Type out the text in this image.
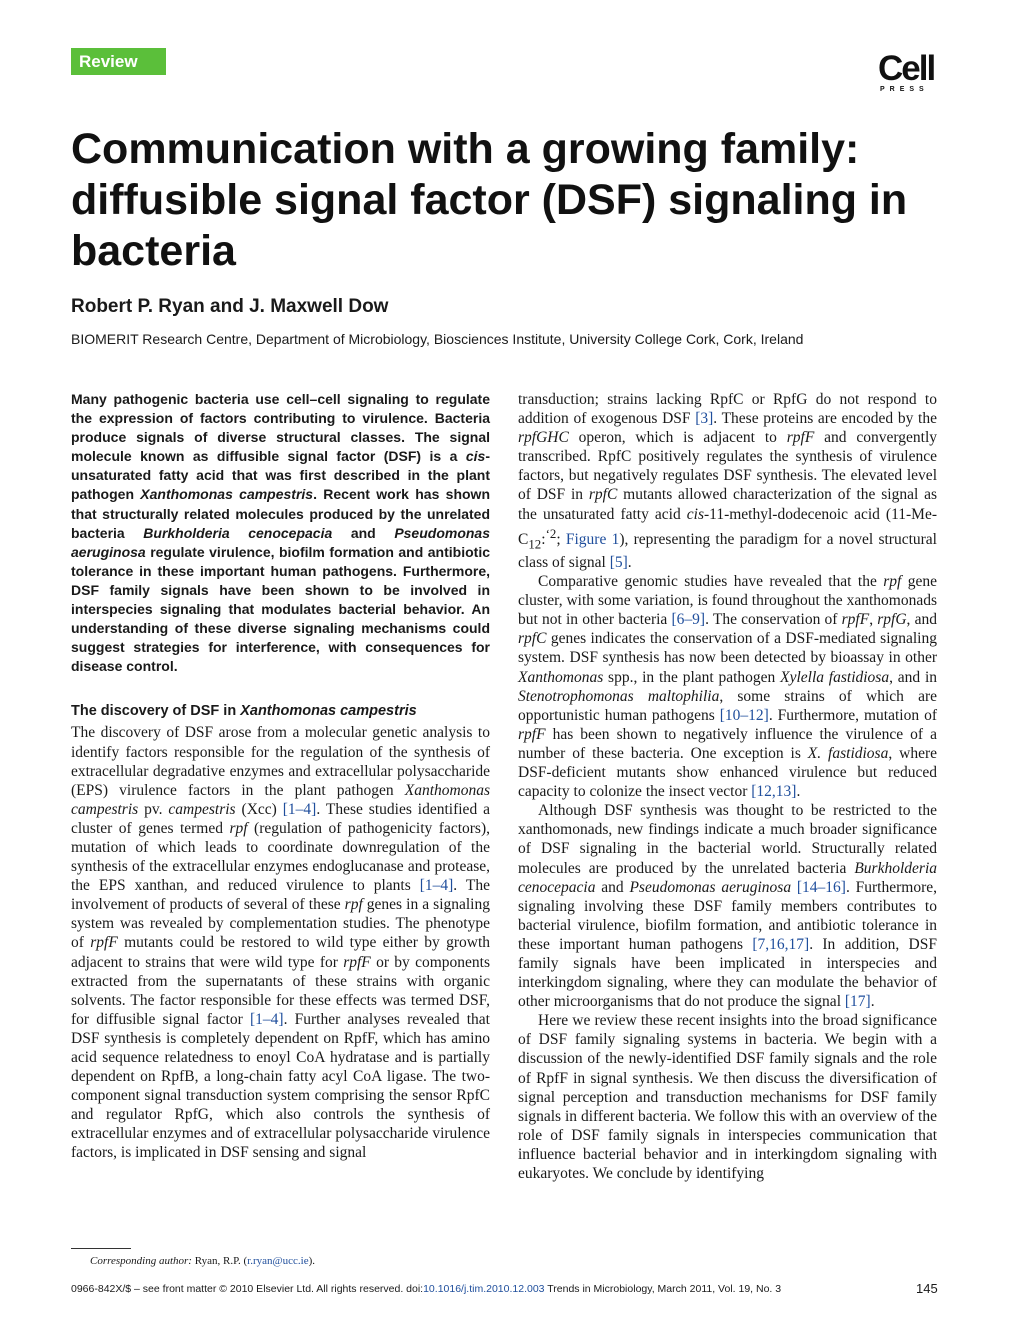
Review	Cell
PRESS
Communication with a growing family: diffusible signal factor (DSF) signaling in bacteria

Robert P. Ryan and J. Maxwell Dow

BIOMERIT Research Centre, Department of Microbiology, Biosciences Institute, University College Cork, Cork, Ireland

Many pathogenic bacteria use cell–cell signaling to regulate the expression of factors contributing to virulence. Bacteria produce signals of diverse structural classes. The signal molecule known as diffusible signal factor (DSF) is a cis-unsaturated fatty acid that was first described in the plant pathogen Xanthomonas campestris. Recent work has shown that structurally related molecules produced by the unrelated bacteria Burkholderia cenocepacia and Pseudomonas aeruginosa regulate virulence, biofilm formation and antibiotic tolerance in these important human pathogens. Furthermore, DSF family signals have been shown to be involved in interspecies signaling that modulates bacterial behavior. An understanding of these diverse signaling mechanisms could suggest strategies for interference, with consequences for disease control.

The discovery of DSF in Xanthomonas campestris

The discovery of DSF arose from a molecular genetic analysis to identify factors responsible for the regulation of the synthesis of extracellular degradative enzymes and extracellular polysaccharide (EPS) virulence factors in the plant pathogen Xanthomonas campestris pv. campestris (Xcc) [1–4]. These studies identified a cluster of genes termed rpf (regulation of pathogenicity factors), mutation of which leads to coordinate downregulation of the synthesis of the extracellular enzymes endoglucanase and protease, the EPS xanthan, and reduced virulence to plants [1–4]. The involvement of products of several of these rpf genes in a signaling system was revealed by complementation studies. The phenotype of rpfF mutants could be restored to wild type either by growth adjacent to strains that were wild type for rpfF or by components extracted from the supernatants of these strains with organic solvents. The factor responsible for these effects was termed DSF, for diffusible signal factor [1–4]. Further analyses revealed that DSF synthesis is completely dependent on RpfF, which has amino acid sequence relatedness to enoyl CoA hydratase and is partially dependent on RpfB, a long-chain fatty acyl CoA ligase. The two-component signal transduction system comprising the sensor RpfC and regulator RpfG, which also controls the synthesis of extracellular enzymes and of extracellular polysaccharide virulence factors, is implicated in DSF sensing and signal

transduction; strains lacking RpfC or RpfG do not respond to addition of exogenous DSF [3]. These proteins are encoded by the rpfGHC operon, which is adjacent to rpfF and convergently transcribed. RpfC positively regulates the synthesis of virulence factors, but negatively regulates DSF synthesis. The elevated level of DSF in rpfC mutants allowed characterization of the signal as the unsaturated fatty acid cis-11-methyl-dodecenoic acid ($11-Me-C_{12}:^{‘2}$; Figure 1), representing the paradigm for a novel structural class of signal [5].

Comparative genomic studies have revealed that the rpf gene cluster, with some variation, is found throughout the xanthomonads but not in other bacteria [6–9]. The conservation of rpfF, rpfG, and rpfC genes indicates the conservation of a DSF-mediated signaling system. DSF synthesis has now been detected by bioassay in other Xanthomonas spp., in the plant pathogen Xylella fastidiosa, and in Stenotrophomonas maltophilia, some strains of which are opportunistic human pathogens [10–12]. Furthermore, mutation of rpfF has been shown to negatively influence the virulence of a number of these bacteria. One exception is X. fastidiosa, where DSF-deficient mutants show enhanced virulence but reduced capacity to colonize the insect vector [12,13].

Although DSF synthesis was thought to be restricted to the xanthomonads, new findings indicate a much broader significance of DSF signaling in the bacterial world. Structurally related molecules are produced by the unrelated bacteria Burkholderia cenocepacia and Pseudomonas aeruginosa [14–16]. Furthermore, signaling involving these DSF family members contributes to bacterial virulence, biofilm formation, and antibiotic tolerance in these important human pathogens [7,16,17]. In addition, DSF family signals have been implicated in interspecies and interkingdom signaling, where they can modulate the behavior of other microorganisms that do not produce the signal [17].

Here we review these recent insights into the broad significance of DSF family signaling systems in bacteria. We begin with a discussion of the newly-identified DSF family signals and the role of RpfF in signal synthesis. We then discuss the diversification of signal perception and transduction mechanisms for DSF family signals in different bacteria. We follow this with an overview of the role of DSF family signals in interspecies communication that influence bacterial behavior and in interkingdom signaling with eukaryotes. We conclude by identifying

Corresponding author: Ryan, R.P. (r.ryan@ucc.ie).

0966-842X/$ – see front matter © 2010 Elsevier Ltd. All rights reserved. doi:10.1016/j.tim.2010.12.003 Trends in Microbiology, March 2011, Vol. 19, No. 3	145
